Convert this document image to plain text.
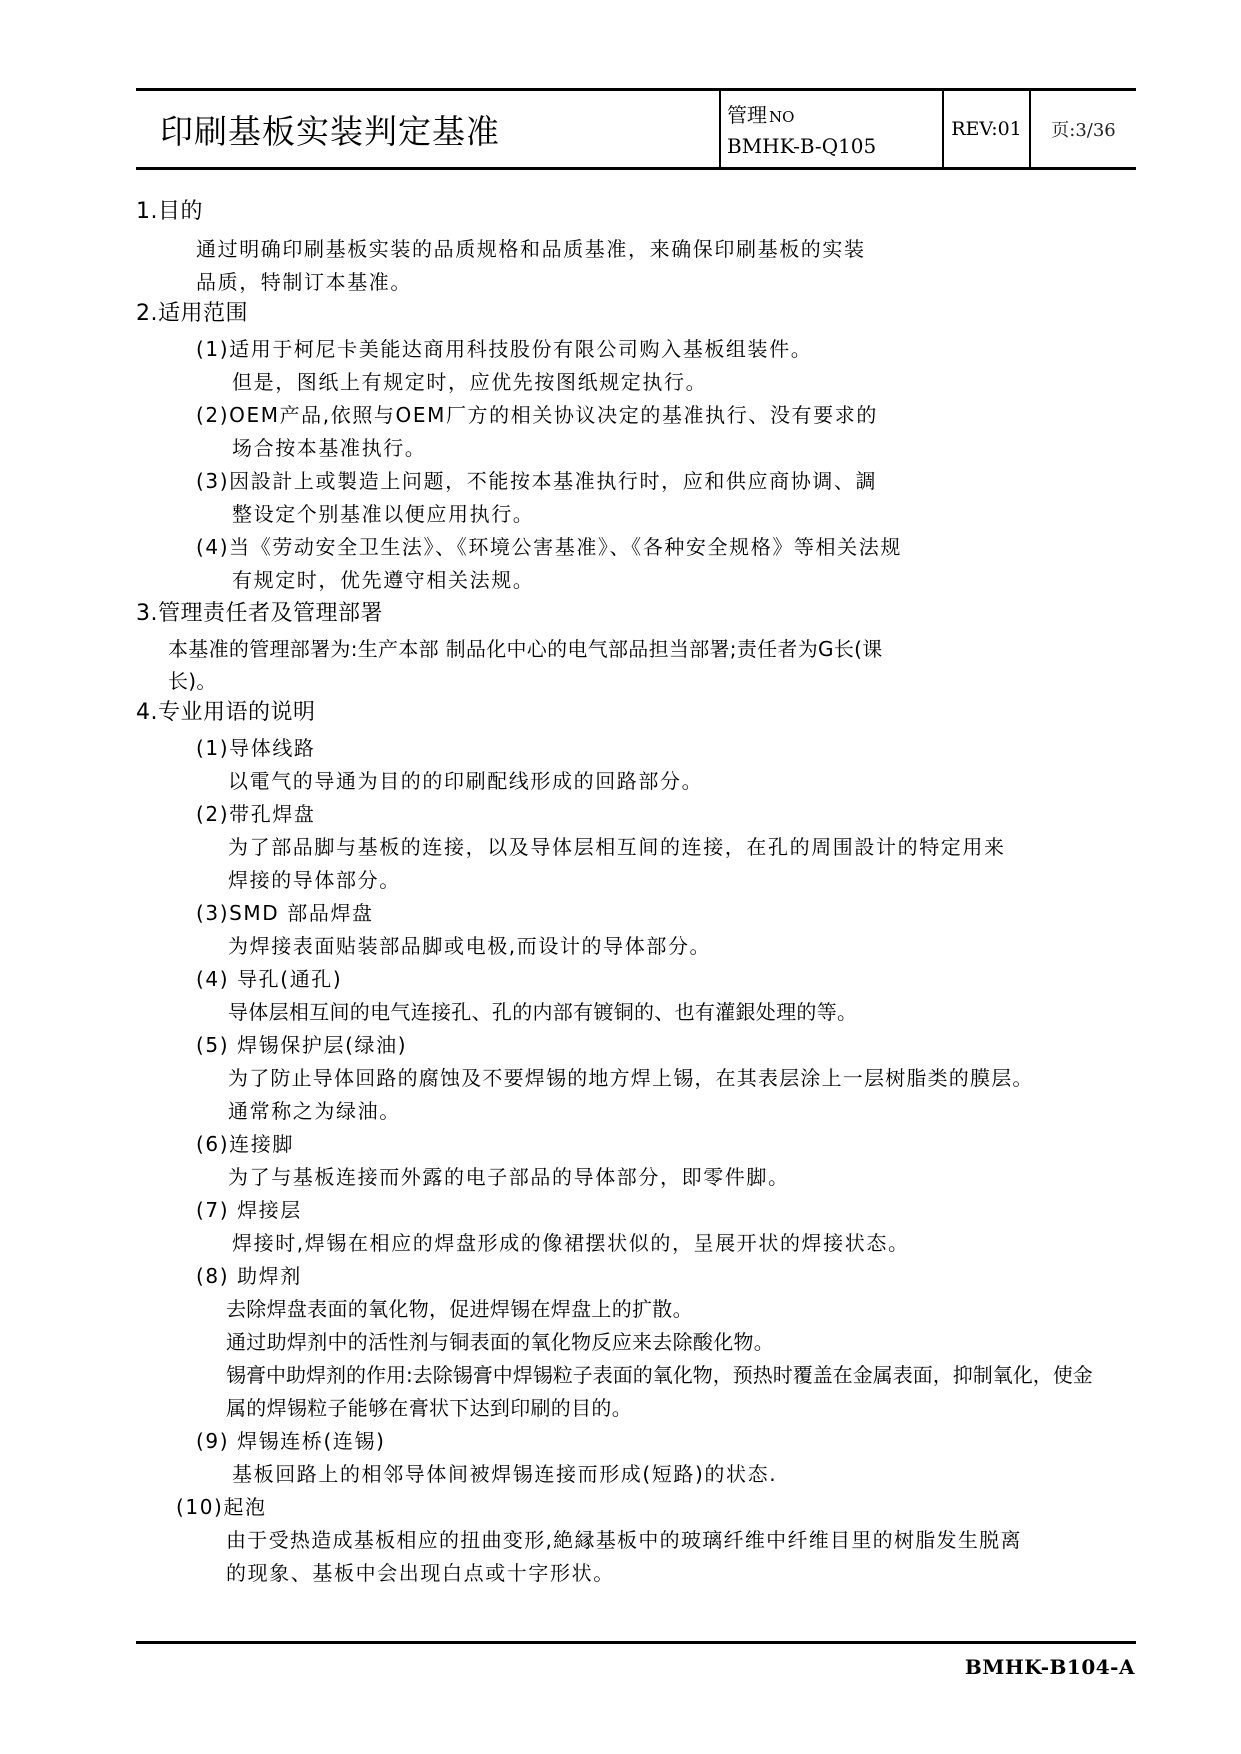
印刷基板实装判定基准	管理 NO
BMHK-B-Q105
REV:01 页:3/36
1.目的
通过明确印刷基板实装的品质规格和品质基准，来确保印刷基板的实装
品质，特制订本基准。
2.适用范围
(1)适用于柯尼卡美能达商用科技股份有限公司购入基板组装件。
但是，图纸上有规定时，应优先按图纸规定执行。
(2)OEM产品,依照与OEM厂方的相关协议决定的基准执行、没有要求的
场合按本基准执行。
(3)因設計上或製造上问题，不能按本基准执行时，应和供应商协调、調
整设定个别基准以便应用执行。
(4)当《劳动安全卫生法》、《环境公害基准》、《各种安全规格》等相关法规
有规定时，优先遵守相关法规。
3.管理责任者及管理部署
本基准的管理部署为:生产本部 制品化中心的电气部品担当部署;责任者为G长(课
长)。
4.专业用语的说明
(1)导体线路
以電气的导通为目的的印刷配线形成的回路部分。
(2)带孔焊盘
为了部品脚与基板的连接，以及导体层相互间的连接，在孔的周围設计的特定用来
焊接的导体部分。
(3)SMD 部品焊盘
为焊接表面贴装部品脚或电极,而设计的导体部分。
(4) 导孔(通孔)
导体层相互间的电气连接孔、孔的内部有镀铜的、也有灌銀处理的等。
(5) 焊锡保护层(绿油)
为了防止导体回路的腐蚀及不要焊锡的地方焊上锡，在其表层涂上一层树脂类的膜层。
通常称之为绿油。
(6)连接脚
为了与基板连接而外露的电子部品的导体部分，即零件脚。
(7) 焊接层
焊接时,焊锡在相应的焊盘形成的像裙摆状似的，呈展开状的焊接状态。
(8) 助焊剂
去除焊盘表面的氧化物，促进焊锡在焊盘上的扩散。
通过助焊剂中的活性剂与铜表面的氧化物反应来去除酸化物。
锡膏中助焊剂的作用:去除锡膏中焊锡粒子表面的氧化物，预热时覆盖在金属表面，抑制氧化，使金
属的焊锡粒子能够在膏状下达到印刷的目的。
(9) 焊锡连桥(连锡)
基板回路上的相邻导体间被焊锡连接而形成(短路)的状态.
(10)起泡
由于受热造成基板相应的扭曲变形,絶縁基板中的玻璃纤维中纤维目里的树脂发生脱离
的现象、基板中会出现白点或十字形状。
BMHK-B104-A
